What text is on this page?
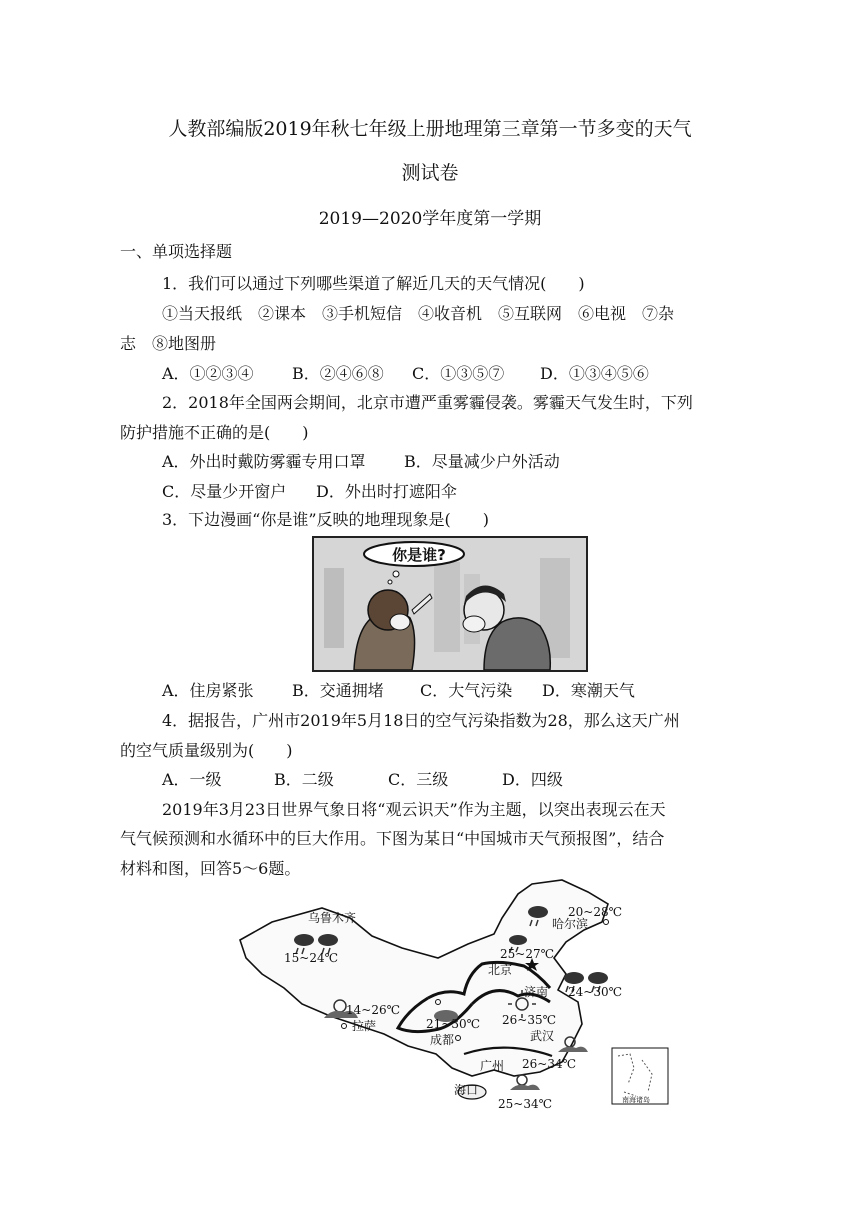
人教部编版2019年秋七年级上册地理第三章第一节多变的天气
测试卷
2019—2020学年度第一学期
一、单项选择题
1．我们可以通过下列哪些渠道了解近几天的天气情况(　　)
①当天报纸　②课本　③手机短信　④收音机　⑤互联网　⑥电视　⑦杂
志　⑧地图册
A．①②③④ B．②④⑥⑧ C．①③⑤⑦ D．①③④⑤⑥
2．2018年全国两会期间，北京市遭严重雾霾侵袭。雾霾天气发生时，下列
防护措施不正确的是(　　)
A．外出时戴防雾霾专用口罩 B．尽量减少户外活动
C．尽量少开窗户 D．外出时打遮阳伞
3．下边漫画“你是谁”反映的地理现象是(　　)
你是谁?
A．住房紧张 B．交通拥堵 C．大气污染 D．寒潮天气
4．据报告，广州市2019年5月18日的空气污染指数为28，那么这天广州
的空气质量级别为(　　)
A．一级	B．二级	C．三级	D．四级
2019年3月23日世界气象日将“观云识天”作为主题，以突出表现云在天
气气候预测和水循环中的巨大作用。下图为某日“中国城市天气预报图”，结合
材料和图，回答5～6题。
乌鲁木齐
15~24℃
哈尔滨
20~28℃
北京
25~27℃
济南 24~30℃
拉萨
14~26℃
成都
21~30℃
武汉
26~35℃
广州 26~34℃
海口
25~34℃	南海诸岛
